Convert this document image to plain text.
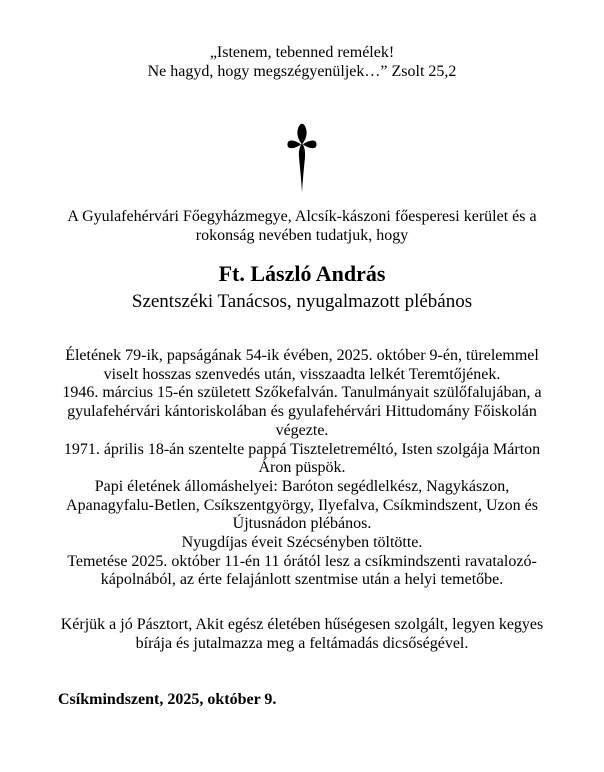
„Istenem, tebenned remélek!
Ne hagyd, hogy megszégyenüljek…” Zsolt 25,2
A Gyulafehérvári Főegyházmegye, Alcsík-kászoni főesperesi kerület és a rokonság nevében tudatjuk, hogy
Ft. László András
Szentszéki Tanácsos, nyugalmazott plébános

Életének 79-ik, papságának 54-ik évében, 2025. október 9-én, türelemmel viselt hosszas szenvedés után, visszaadta lelkét Teremtőjének.

1946. március 15-én született Szőkefalván. Tanulmányait szülőfalujában, a gyulafehérvári kántoriskolában és gyulafehérvári Hittudomány Főiskolán végezte.

1971. április 18-án szentelte pappá Tiszteletreméltó, Isten szolgája Márton Áron püspök.

Papi életének állomáshelyei: Baróton segédlelkész, Nagykászon, Apanagyfalu-Betlen, Csíkszentgyörgy, Ilyefalva, Csíkmindszent, Uzon és Újtusnádon plébános.

Nyugdíjas éveit Szécsényben töltötte.

Temetése 2025. október 11-én 11 órától lesz a csíkmindszenti ravatalozó-kápolnából, az érte felajánlott szentmise után a helyi temetőbe.

Kérjük a jó Pásztort, Akit egész életében hűségesen szolgált, legyen kegyes bírája és jutalmazza meg a feltámadás dicsőségével.
Csíkmindszent, 2025, október 9.
